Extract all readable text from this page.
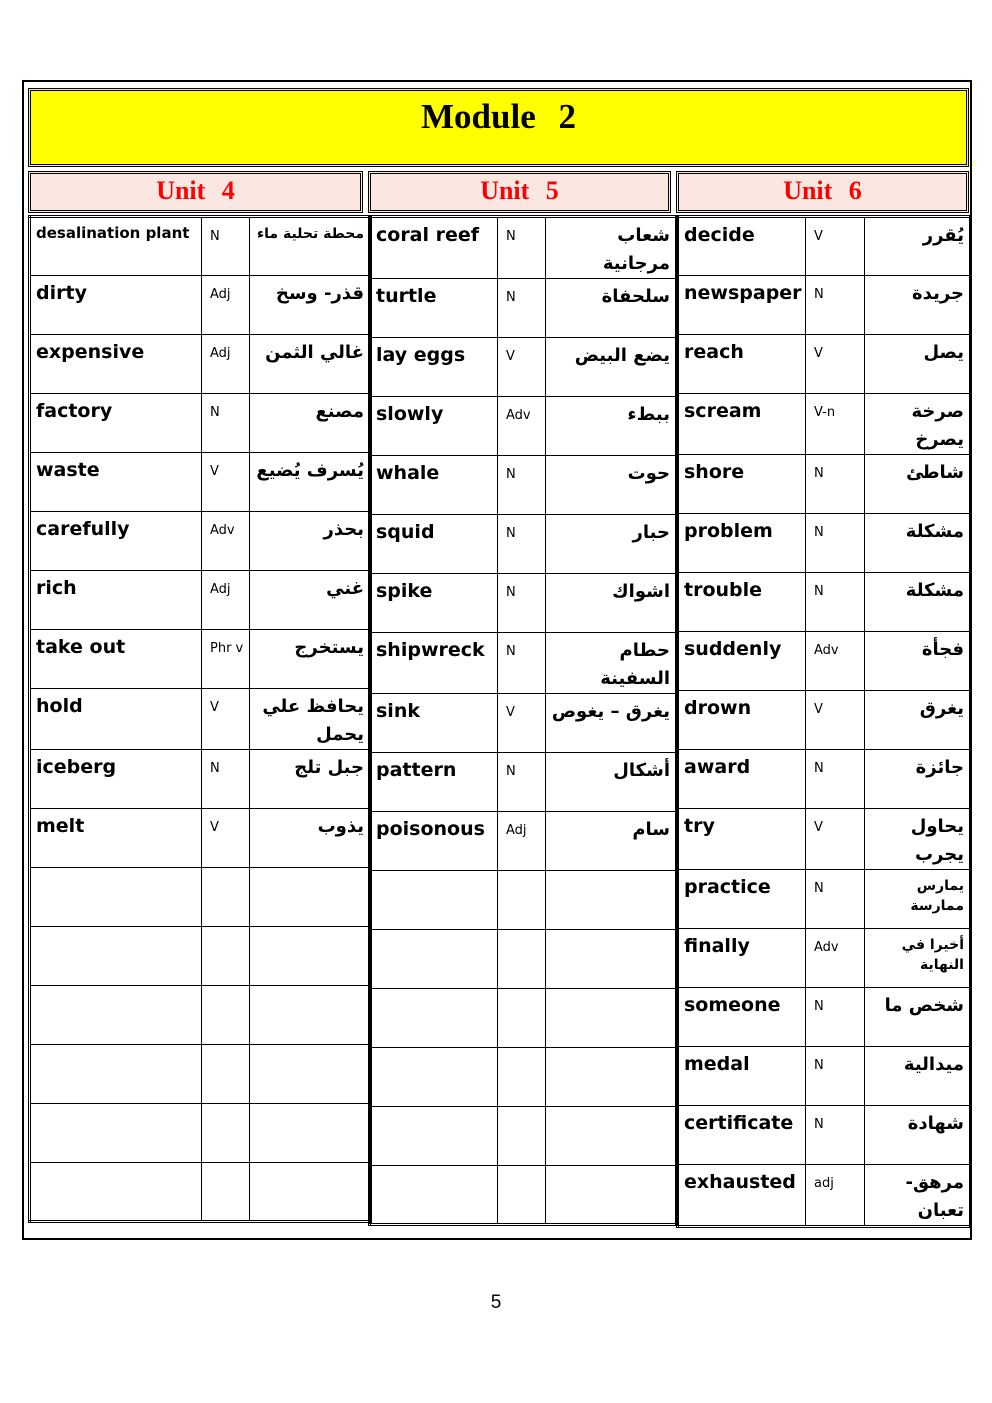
Module 2
Unit 4	Unit 5	Unit 6
desalination plant	N	محطة تحلية ماء
dirty	Adj	قذر- وسخ
expensive	Adj	غالي الثمن
factory	N	مصنع
waste	V	يُسرف يُضيع
carefully	Adv	بحذر
rich	Adj	غني
take out	Phr v	يستخرج
hold	V	يحافظ علي يحمل
iceberg	N	جبل تلج
melt	V	يذوب

coral reef	N	شعاب مرجانية
turtle	N	سلحفاة
lay eggs	V	يضع البيض
slowly	Adv	ببطء
whale	N	حوت
squid	N	حبار
spike	N	اشواك
shipwreck	N	حطام السفينة
sink	V	يغرق – يغوص
pattern	N	أشكال
poisonous	Adj	سام

decide	V	يُقرر
newspaper	N	جريدة
reach	V	يصل
scream	V-n	صرخة يصرخ
shore	N	شاطئ
problem	N	مشكلة
trouble	N	مشكلة
suddenly	Adv	فجأة
drown	V	يغرق
award	N	جائزة
try	V	يحاول يجرب
practice	N	يمارس ممارسة
finally	Adv	أخيرا في النهاية
someone	N	شخص ما
medal	N	ميدالية
certificate	N	شهادة
exhausted	adj	مرهق- تعبان
5
